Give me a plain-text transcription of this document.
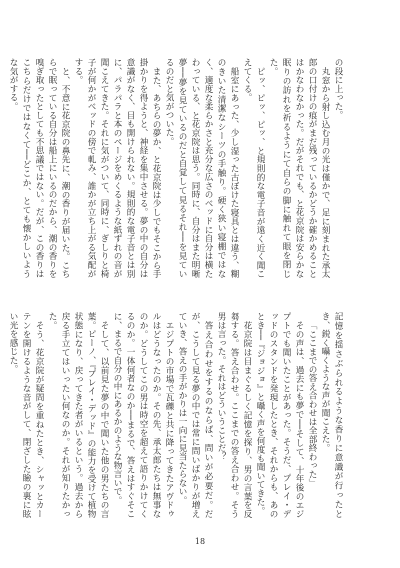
の段に上った。

丸窓から射し込む月の光は僅かで、足に刻まれた承太郎の口付けの痕がまだ残っているかどうか確かめることはかなわなかった。だがそれでも、と花京院は安らかな眠りの訪れを祈るようにて自らの脚に触れて眼を閉じた。

ピッ、ピッ、ピッ、と規則的な電子音が遠く近く聞こえてくる。

船室にあった、少し湿った古ぼけた寝具とは違う、糊のきいた清潔なシーツの手触り。硬く狭い寝棚ではなく、適度な柔らかさと充分な広さのベッドに自分は横たわっている、と花京院は思う。同時に、自分はまた明晰夢──夢を見ているのだと自覚して見るそれ──を見ているのだと気がついた。

また、あちらの夢か、と花京院は少しでもそこから手掛かりを得ようと、神経を集中させる。夢の中の自分は意識がなく、目も開けられない。規則的な電子音とは別に、パラパラと本のページをめくるような紙ずれの音が聞こえてきた。それに気がついて、同時に、ぎしりと椅子が何かがベッドの傍で軋み、誰かが立ち上がる気配がする。

と、不意に花京院の鼻先に、潮の香りが届いた。こちらで眠っている自分は船上にいるのだから、潮の香りを嗅ぎ取ったとしても不思議ではない。だが、この香りはこちらだけではなくて──どこか、とても懐かしいような気がする。

記憶を揺さぶられるような香りに意識が行ったとき、鋭く囁くような声が聞こえた。

「ここまでの答え合わせは全部終わった」

その声は、過去にも夢で──そして、十年後のエジプトでも聞いたことがあった。そうだ、プレイ・デッドのスタンドを発現したとき、それからも、あのとき──『ジョジョ』と囁く声を何度も聞いてきた。

花京院は目まぐるしく記憶を探り、男の言葉を反芻する。答え合わせ。ここまでの答え合わせ。そう男は言った。それはどういうことだ？

答え合わせをするのならば、問いが必要だ。だが、こうして見る夢の中では常に問いばかりが増えていき、答えの手がかりは一向に見当たらない。

エジプトの市場で瓦礫と共に降ってきたアヴドゥルはどうなったのか。その先、承太郎たちは無事なのか。どうしてこの男は時空を超えて語りかけてくるのか。一体何者なのか──まるで、答えはすぐそこに、まるで自分の中にあるかのような物言いで。

そして、以前見た夢の中で聞いた他の男たちの言葉。ピーノ、『プレイ・デッド』の能力を受けて植物状態になり、戻ってきた者がいるという。過去から戻る手立てはいったい何なのか。それが知りたかった。

そう、花京院が疑問を重ねたとき、シャッとカーテンを開けるような音がして、閉ざした瞼の裏に眩い光を感じた。

18
